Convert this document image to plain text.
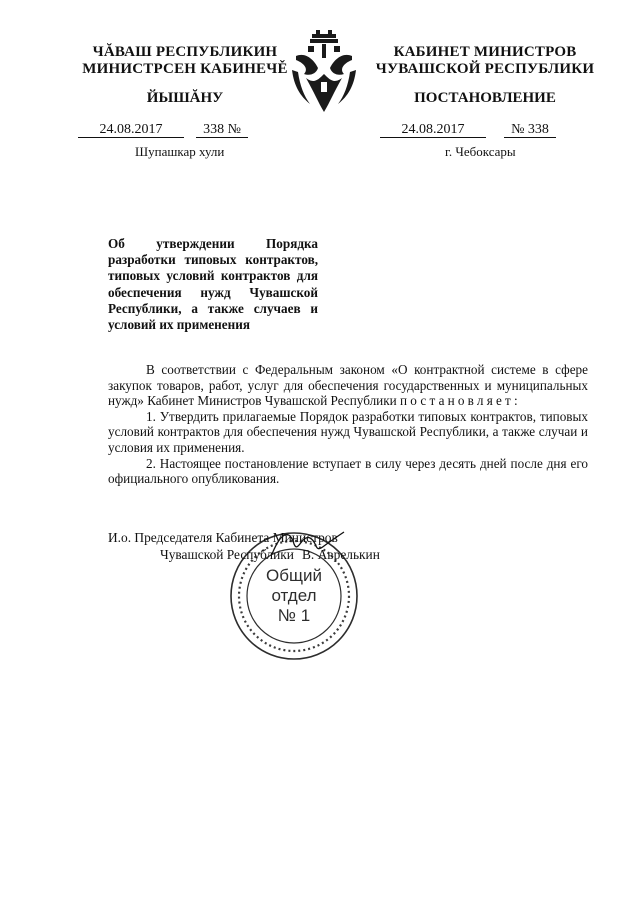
ЧĂВАШ РЕСПУБЛИКИН
МИНИСТРСЕН КАБИНЕЧĚ
ЙЫШĂНУ
КАБИНЕТ МИНИСТРОВ
ЧУВАШСКОЙ РЕСПУБЛИКИ
ПОСТАНОВЛЕНИЕ
24.08.2017	338 №
Шупашкар хули
24.08.2017	№ 338
г. Чебоксары
Об утверждении Порядка разработки типовых контрактов, типовых условий контрактов для обеспечения нужд Чувашской Республики, а также случаев и условий их применения

В соответствии с Федеральным законом «О контрактной системе в сфере закупок товаров, работ, услуг для обеспечения государственных и муниципальных нужд» Кабинет Министров Чувашской Республики постановляет:

1. Утвердить прилагаемые Порядок разработки типовых контрактов, типовых условий контрактов для обеспечения нужд Чувашской Республики, а также случаи и условия их применения.

2. Настоящее постановление вступает в силу через десять дней после дня его официального опубликования.

И.о. Председателя Кабинета Министров
Чувашской Республики В. Аврелькин
Общий
отдел
№ 1
